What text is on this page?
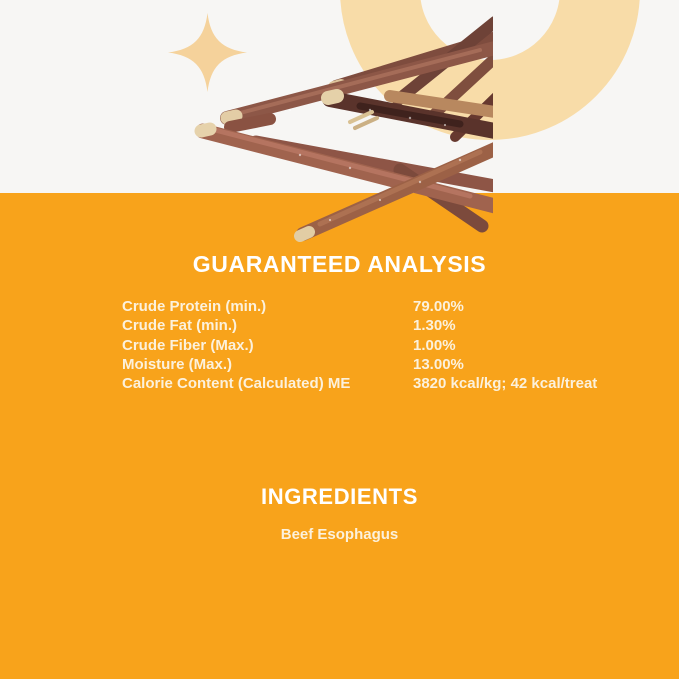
GUARANTEED ANALYSIS
Crude Protein (min.)	79.00%
Crude Fat (min.)	1.30%
Crude Fiber (Max.)	1.00%
Moisture (Max.)	13.00%
Calorie Content (Calculated) ME	3820 kcal/kg; 42 kcal/treat
INGREDIENTS

Beef Esophagus
